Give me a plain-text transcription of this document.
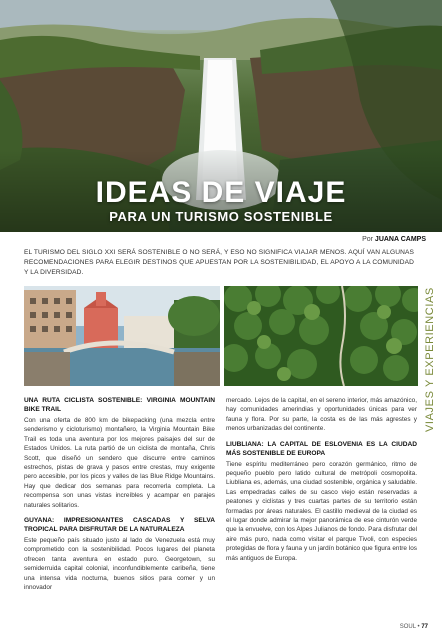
IDEAS DE VIAJE
PARA UN TURISMO SOSTENIBLE
Por JUANA CAMPS
EL TURISMO DEL SIGLO XXI SERÁ SOSTENIBLE O NO SERÁ, Y ESO NO SIGNIFICA VIAJAR MENOS. AQUÍ VAN ALGUNAS RECOMENDACIONES PARA ELEGIR DESTINOS QUE APUESTAN POR LA SOSTENIBILIDAD, EL APOYO A LA COMUNIDAD Y LA DIVERSIDAD.
VIAJES Y EXPERIENCIAS
UNA RUTA CICLISTA SOSTENIBLE: VIRGINIA MOUNTAIN BIKE TRAIL

Con una oferta de 800 km de bikepacking (una mezcla entre senderismo y cicloturismo) montañero, la Virginia Mountain Bike Trail es toda una aventura por los mejores paisajes del sur de Estados Unidos. La ruta partió de un ciclista de montaña, Chris Scott, que diseñó un sendero que discurre entre caminos estrechos, pistas de grava y pasos entre crestas, muy exigente pero accesible, por los picos y valles de las Blue Ridge Mountains. Hay que dedicar dos semanas para recorrerla completa. La recompensa son unas vistas increíbles y acampar en parajes naturales solitarios.

GUYANA: IMPRESIONANTES CASCADAS Y SELVA TROPICAL PARA DISFRUTAR DE LA NATURALEZA

Este pequeño país situado justo al lado de Venezuela está muy comprometido con la sostenibilidad. Pocos lugares del planeta ofrecen tanta aventura en estado puro. Georgetown, su semiderruida capital colonial, inconfundiblemente caribeña, tiene una intensa vida nocturna, buenos sitios para comer y un innovador

mercado. Lejos de la capital, en el sereno interior, más amazónico, hay comunidades amerindias y oportunidades únicas para ver fauna y flora. Por su parte, la costa es de las más agrestes y menos urbanizadas del continente.

LIUBLIANA: LA CAPITAL DE ESLOVENIA ES LA CIUDAD MÁS SOSTENIBLE DE EUROPA

Tiene espíritu mediterráneo pero corazón germánico, ritmo de pequeño pueblo pero latido cultural de metrópoli cosmopolita. Liubliana es, además, una ciudad sostenible, orgánica y saludable. Las empedradas calles de su casco viejo están reservadas a peatones y ciclistas y tres cuartas partes de su territorio están formadas por áreas naturales. El castillo medieval de la ciudad es el lugar donde admirar la mejor panorámica de ese cinturón verde que la envuelve, con los Alpes Julianos de fondo. Para disfrutar del aire más puro, nada como visitar el parque Tivoli, con especies protegidas de flora y fauna y un jardín botánico que figura entre los más antiguos de Europa.

SOUL • 77
